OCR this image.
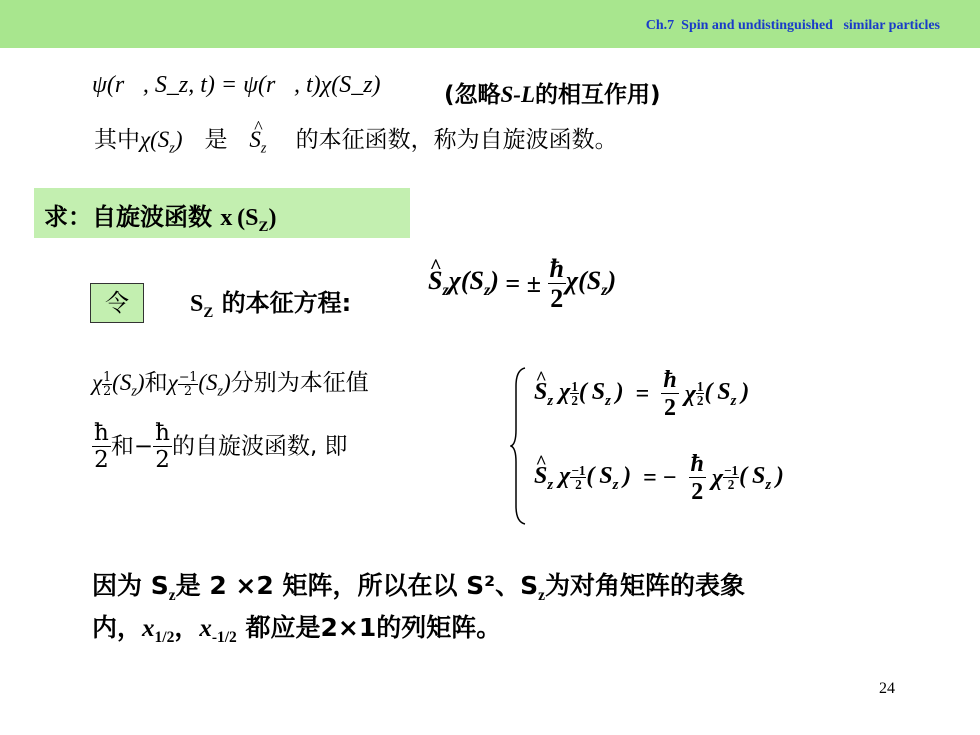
Ch.7  Spin and undistinguished   similar particles
ψ(r⃗, S_z, t) = ψ(r⃗, t)χ(S_z)	(忽略S-L的相互作用)
其中$\chi(S_z)$ 是   ^ $S_z$ 的本征函数，称为自旋波函数。
求：自旋波函数 x $(S_Z)$
令	$S_Z$ 的本征方程:
^ $S_z\chi(S_z)$ = ± $\frac{ħ}{2} \chi(S_z)$
χ $\frac{1}{2} (S_z)$和χ $\frac{-1}{2} (S_z)$分别为本征值
$\frac{ħ}{2}$ 和− $\frac{ħ}{2}$ 的自旋波函数, 即
^ $S_z$ χ $\frac{1}{2}$ ( $S_z$ )  = $\frac{ħ}{2}$ χ $\frac{1}{2}$ ( $S_z$ )
^ $S_z$ χ $\frac{-1}{2}$ ( $S_z$ )  = − $\frac{ħ}{2}$ χ $\frac{-1}{2}$ ( $S_z$ )
因为 $S_z$是 2 ×2 矩阵，所以在以 S²、$S_z$为对角矩阵的表象
内，$x_{1/2}$，$x_{-1/2}$ 都应是2×1的列矩阵。
24
